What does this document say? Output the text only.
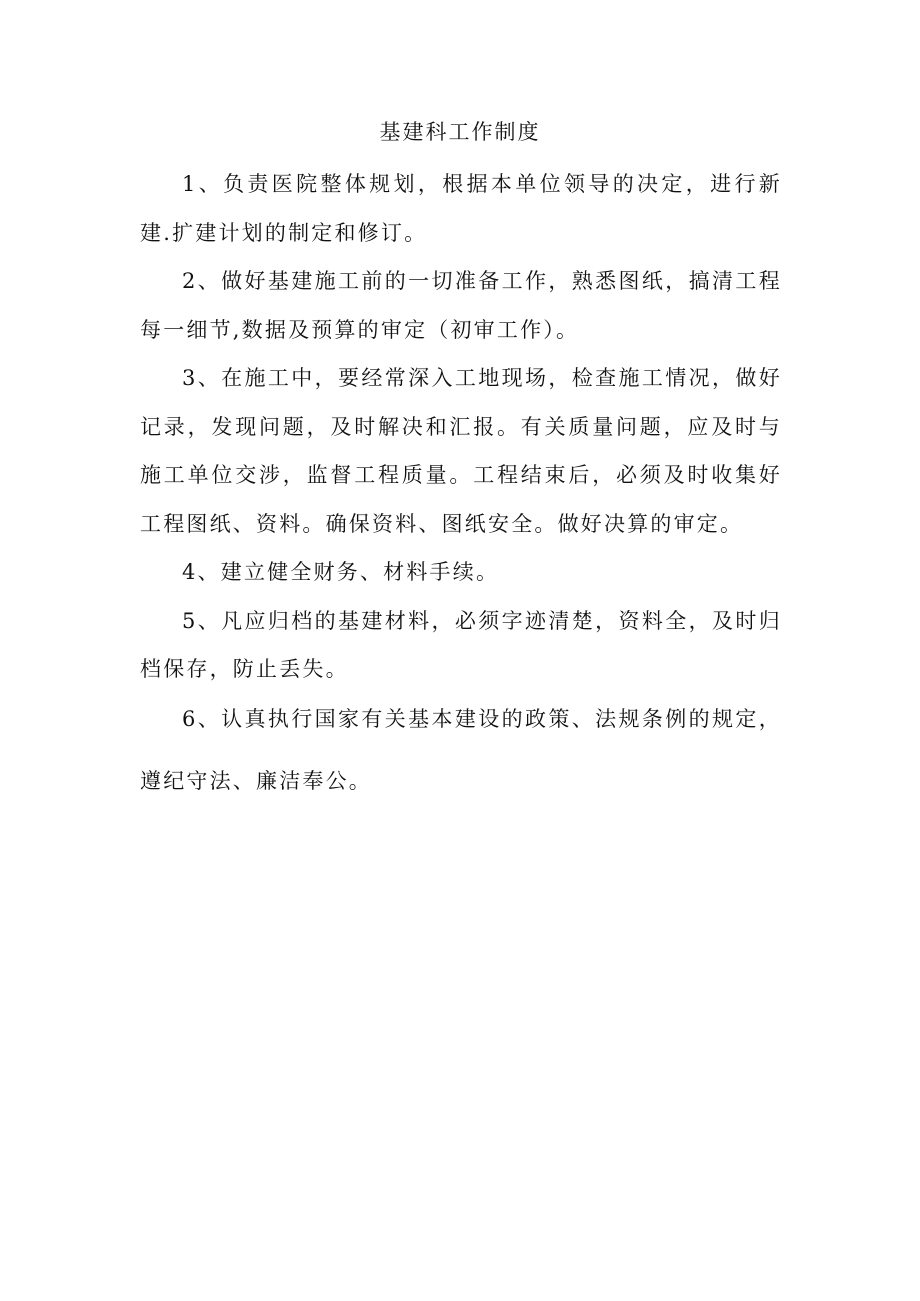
基建科工作制度

1、负责医院整体规划，根据本单位领导的决定，进行新建.扩建计划的制定和修订。

2、做好基建施工前的一切准备工作，熟悉图纸，搞清工程每一细节,数据及预算的审定（初审工作）。

3、在施工中，要经常深入工地现场，检查施工情况，做好记录，发现问题，及时解决和汇报。有关质量问题，应及时与施工单位交涉，监督工程质量。工程结束后，必须及时收集好工程图纸、资料。确保资料、图纸安全。做好决算的审定。

4、建立健全财务、材料手续。

5、凡应归档的基建材料，必须字迹清楚，资料全，及时归档保存，防止丢失。

6、认真执行国家有关基本建设的政策、法规条例的规定，遵纪守法、廉洁奉公。
